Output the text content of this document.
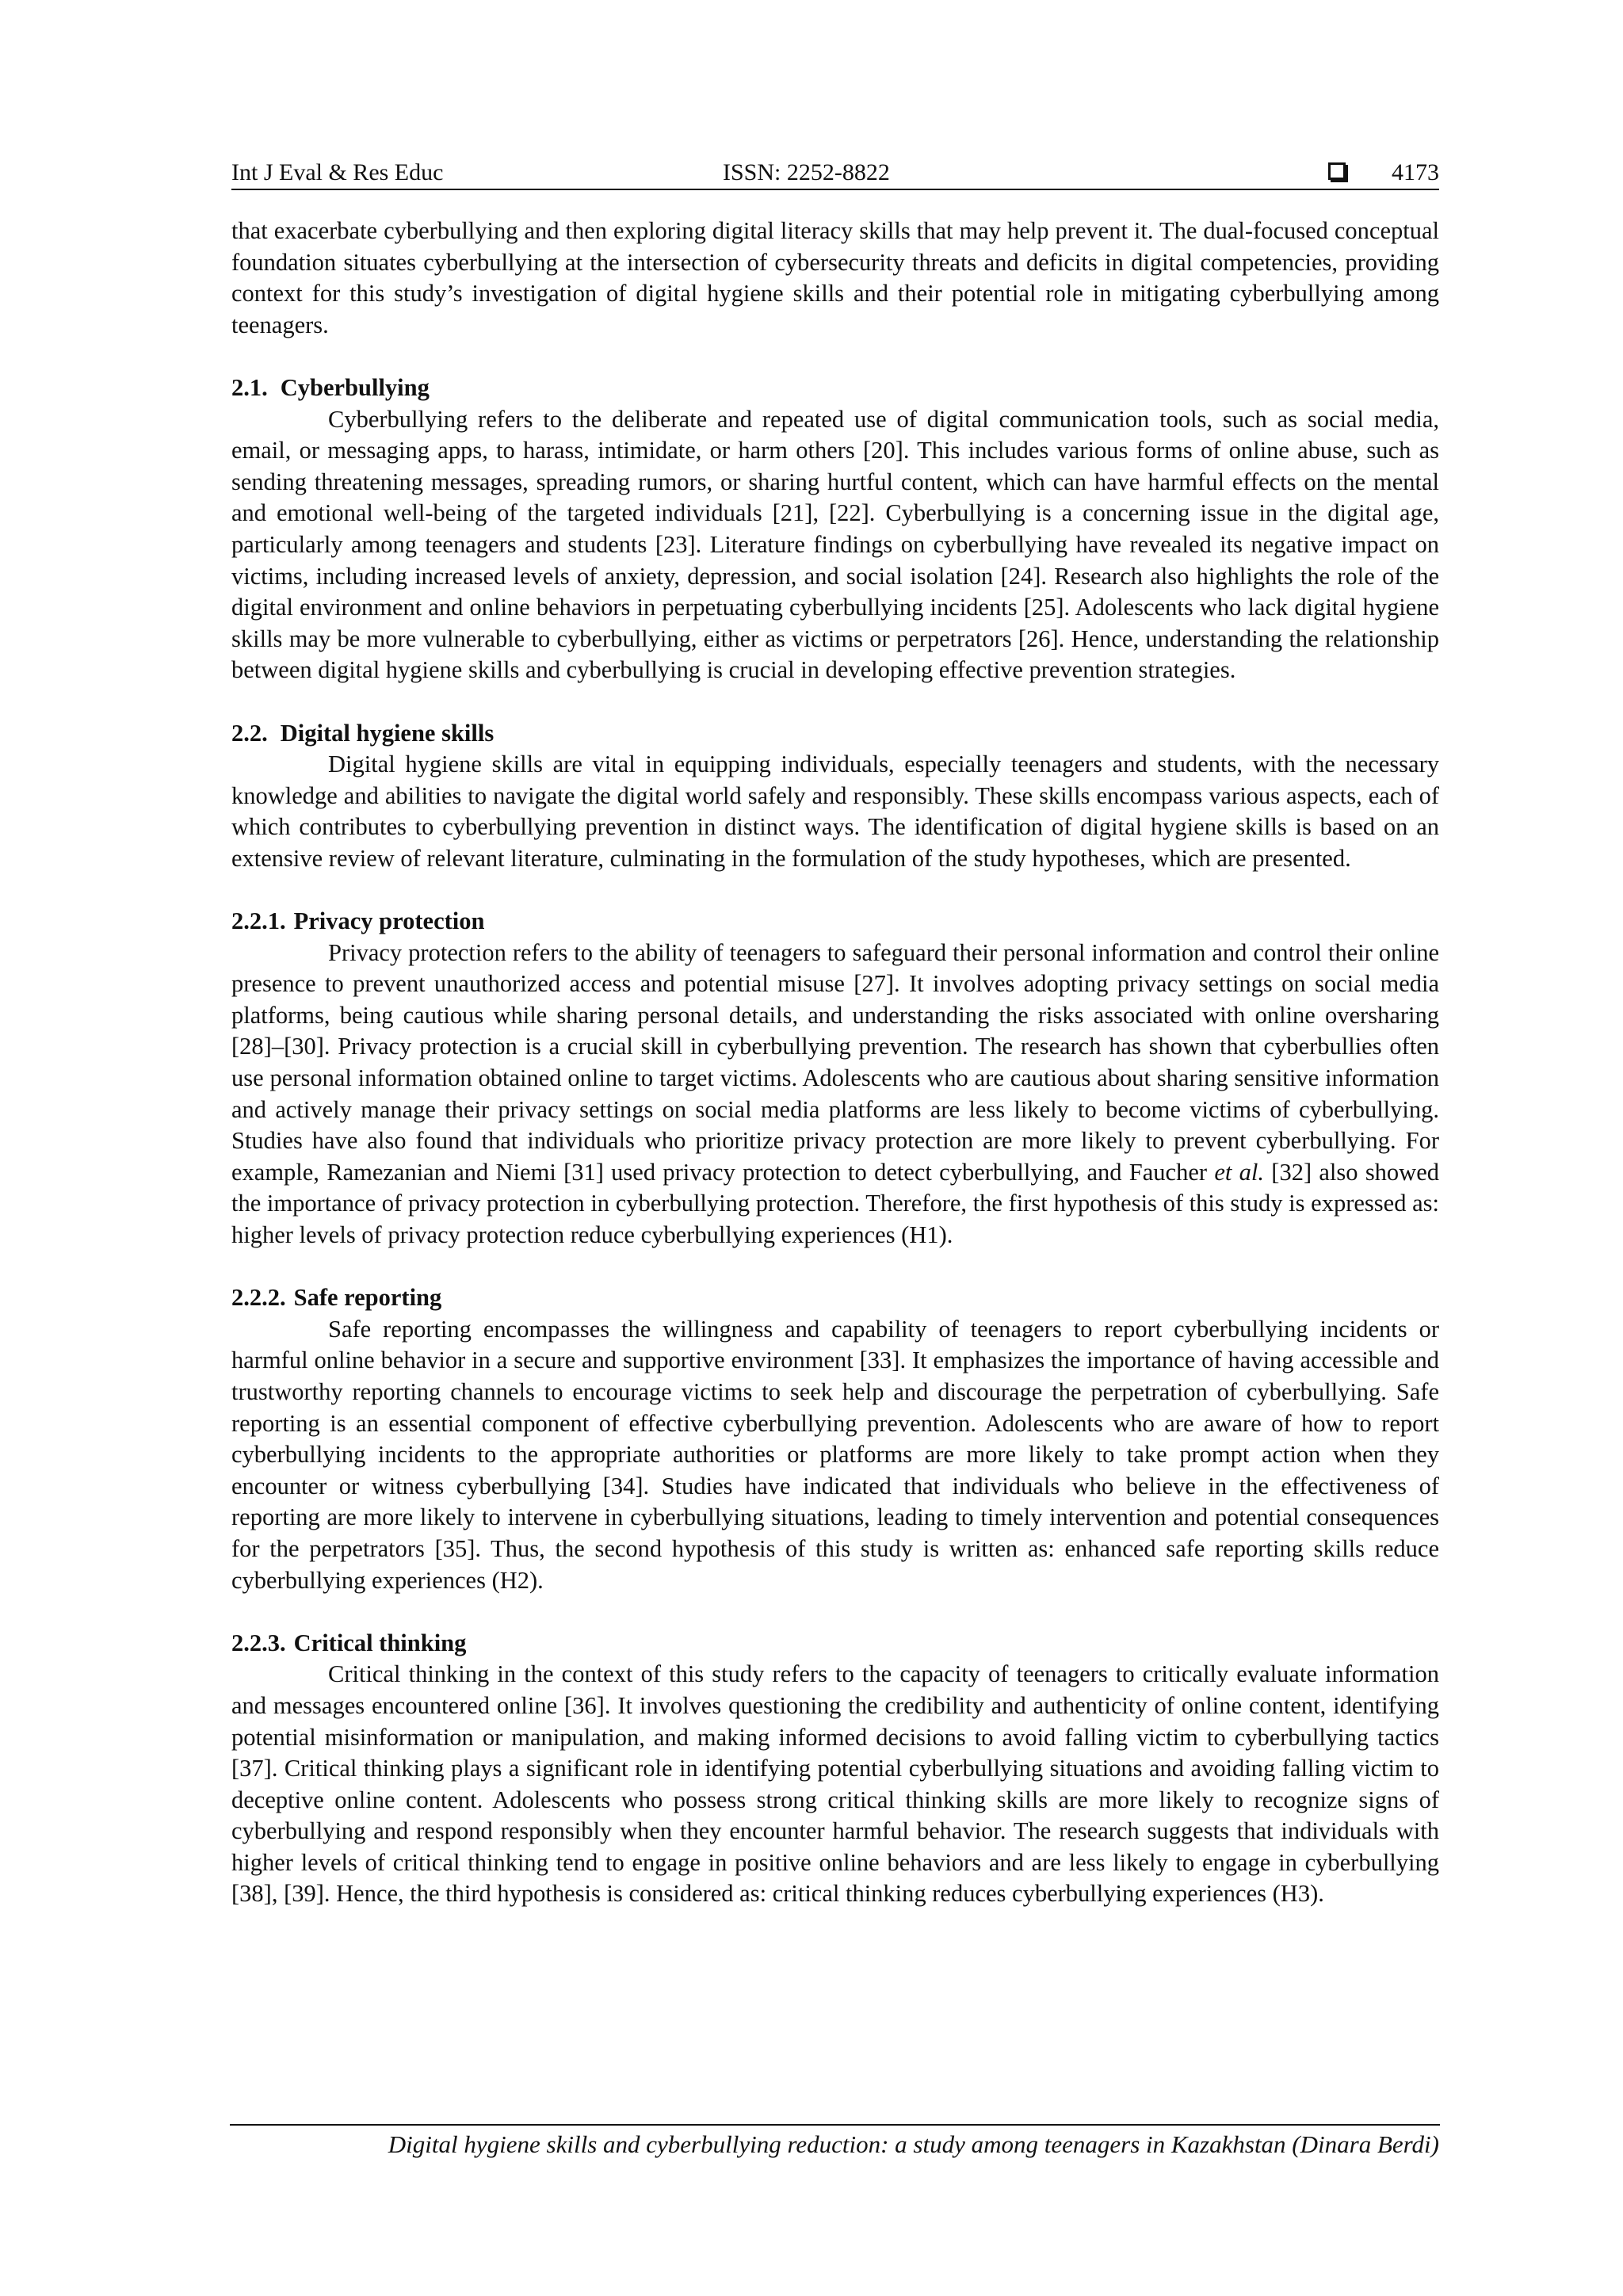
Int J Eval & Res Educ	ISSN: 2252-8822	4173

that exacerbate cyberbullying and then exploring digital literacy skills that may help prevent it. The dual-focused conceptual foundation situates cyberbullying at the intersection of cybersecurity threats and deficits in digital competencies, providing context for this study’s investigation of digital hygiene skills and their potential role in mitigating cyberbullying among teenagers.

2.1. Cyberbullying

Cyberbullying refers to the deliberate and repeated use of digital communication tools, such as social media, email, or messaging apps, to harass, intimidate, or harm others [20]. This includes various forms of online abuse, such as sending threatening messages, spreading rumors, or sharing hurtful content, which can have harmful effects on the mental and emotional well-being of the targeted individuals [21], [22]. Cyberbullying is a concerning issue in the digital age, particularly among teenagers and students [23]. Literature findings on cyberbullying have revealed its negative impact on victims, including increased levels of anxiety, depression, and social isolation [24]. Research also highlights the role of the digital environment and online behaviors in perpetuating cyberbullying incidents [25]. Adolescents who lack digital hygiene skills may be more vulnerable to cyberbullying, either as victims or perpetrators [26]. Hence, understanding the relationship between digital hygiene skills and cyberbullying is crucial in developing effective prevention strategies.

2.2. Digital hygiene skills

Digital hygiene skills are vital in equipping individuals, especially teenagers and students, with the necessary knowledge and abilities to navigate the digital world safely and responsibly. These skills encompass various aspects, each of which contributes to cyberbullying prevention in distinct ways. The identification of digital hygiene skills is based on an extensive review of relevant literature, culminating in the formulation of the study hypotheses, which are presented.

2.2.1. Privacy protection

Privacy protection refers to the ability of teenagers to safeguard their personal information and control their online presence to prevent unauthorized access and potential misuse [27]. It involves adopting privacy settings on social media platforms, being cautious while sharing personal details, and understanding the risks associated with online oversharing [28]–[30]. Privacy protection is a crucial skill in cyberbullying prevention. The research has shown that cyberbullies often use personal information obtained online to target victims. Adolescents who are cautious about sharing sensitive information and actively manage their privacy settings on social media platforms are less likely to become victims of cyberbullying. Studies have also found that individuals who prioritize privacy protection are more likely to prevent cyberbullying. For example, Ramezanian and Niemi [31] used privacy protection to detect cyberbullying, and Faucher et al. [32] also showed the importance of privacy protection in cyberbullying protection. Therefore, the first hypothesis of this study is expressed as: higher levels of privacy protection reduce cyberbullying experiences (H1).

2.2.2. Safe reporting

Safe reporting encompasses the willingness and capability of teenagers to report cyberbullying incidents or harmful online behavior in a secure and supportive environment [33]. It emphasizes the importance of having accessible and trustworthy reporting channels to encourage victims to seek help and discourage the perpetration of cyberbullying. Safe reporting is an essential component of effective cyberbullying prevention. Adolescents who are aware of how to report cyberbullying incidents to the appropriate authorities or platforms are more likely to take prompt action when they encounter or witness cyberbullying [34]. Studies have indicated that individuals who believe in the effectiveness of reporting are more likely to intervene in cyberbullying situations, leading to timely intervention and potential consequences for the perpetrators [35]. Thus, the second hypothesis of this study is written as: enhanced safe reporting skills reduce cyberbullying experiences (H2).

2.2.3. Critical thinking

Critical thinking in the context of this study refers to the capacity of teenagers to critically evaluate information and messages encountered online [36]. It involves questioning the credibility and authenticity of online content, identifying potential misinformation or manipulation, and making informed decisions to avoid falling victim to cyberbullying tactics [37]. Critical thinking plays a significant role in identifying potential cyberbullying situations and avoiding falling victim to deceptive online content. Adolescents who possess strong critical thinking skills are more likely to recognize signs of cyberbullying and respond responsibly when they encounter harmful behavior. The research suggests that individuals with higher levels of critical thinking tend to engage in positive online behaviors and are less likely to engage in cyberbullying [38], [39]. Hence, the third hypothesis is considered as: critical thinking reduces cyberbullying experiences (H3).

Digital hygiene skills and cyberbullying reduction: a study among teenagers in Kazakhstan (Dinara Berdi)
